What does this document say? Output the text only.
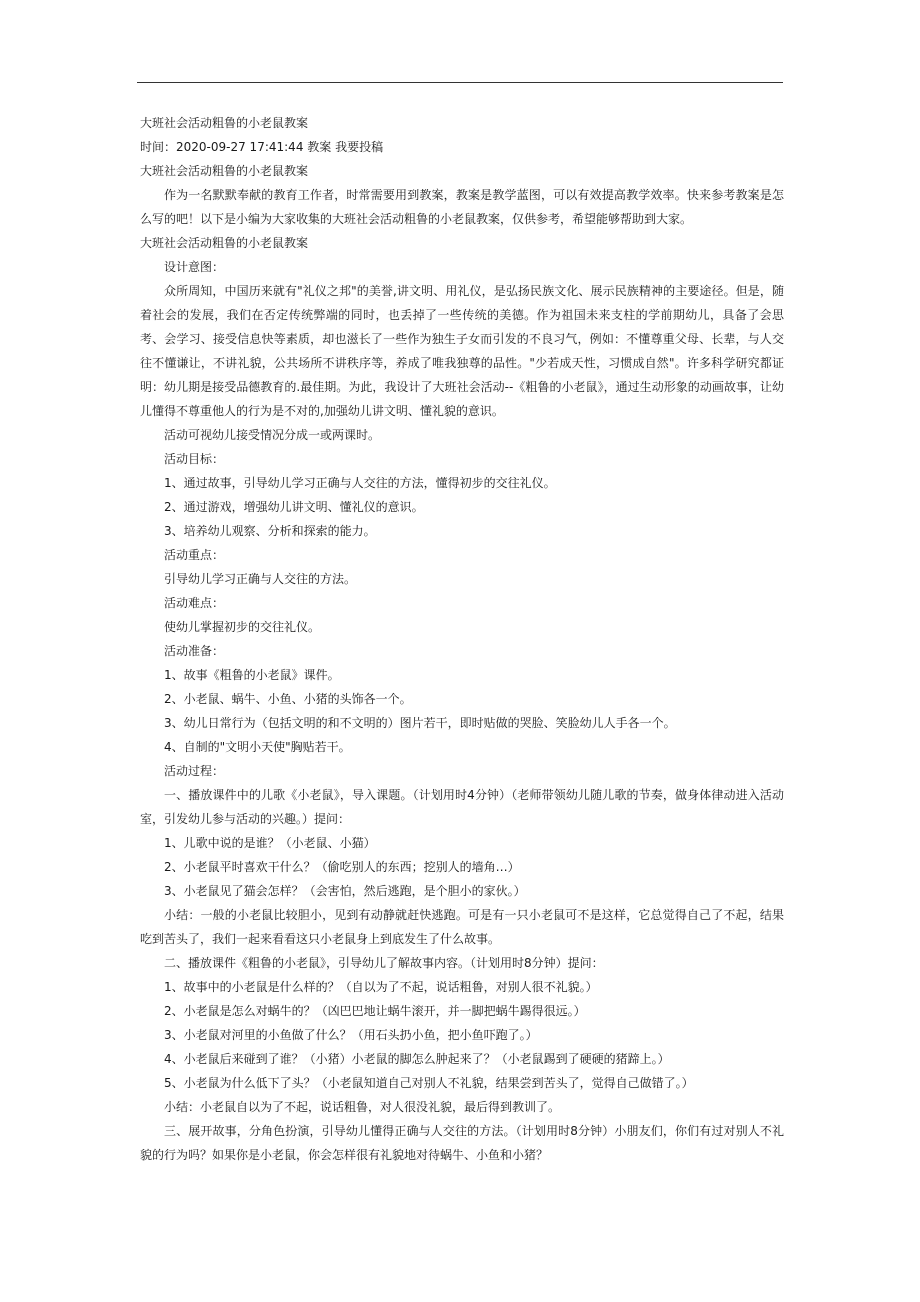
大班社会活动粗鲁的小老鼠教案

时间：2020-09-27 17:41:44 教案 我要投稿

大班社会活动粗鲁的小老鼠教案

作为一名默默奉献的教育工作者，时常需要用到教案，教案是教学蓝图，可以有效提高教学效率。快来参考教案是怎么写的吧！以下是小编为大家收集的大班社会活动粗鲁的小老鼠教案，仅供参考，希望能够帮助到大家。

大班社会活动粗鲁的小老鼠教案

设计意图：

众所周知，中国历来就有"礼仪之邦"的美誉,讲文明、用礼仪，是弘扬民族文化、展示民族精神的主要途径。但是，随着社会的发展，我们在否定传统弊端的同时，也丢掉了一些传统的美德。作为祖国未来支柱的学前期幼儿，具备了会思考、会学习、接受信息快等素质，却也滋长了一些作为独生子女而引发的不良习气，例如：不懂尊重父母、长辈，与人交往不懂谦让，不讲礼貌，公共场所不讲秩序等，养成了唯我独尊的品性。"少若成天性，习惯成自然"。许多科学研究都证明：幼儿期是接受品德教育的.最佳期。为此，我设计了大班社会活动--《粗鲁的小老鼠》，通过生动形象的动画故事，让幼儿懂得不尊重他人的行为是不对的,加强幼儿讲文明、懂礼貌的意识。

活动可视幼儿接受情况分成一或两课时。

活动目标：

1、通过故事，引导幼儿学习正确与人交往的方法，懂得初步的交往礼仪。

2、通过游戏，增强幼儿讲文明、懂礼仪的意识。

3、培养幼儿观察、分析和探索的能力。

活动重点：

引导幼儿学习正确与人交往的方法。

活动难点：

使幼儿掌握初步的交往礼仪。

活动准备：

1、故事《粗鲁的小老鼠》课件。

2、小老鼠、蜗牛、小鱼、小猪的头饰各一个。

3、幼儿日常行为（包括文明的和不文明的）图片若干，即时贴做的哭脸、笑脸幼儿人手各一个。

4、自制的"文明小天使"胸贴若干。

活动过程：

一、播放课件中的儿歌《小老鼠》，导入课题。（计划用时4分钟）（老师带领幼儿随儿歌的节奏，做身体律动进入活动室，引发幼儿参与活动的兴趣。）提问：

1、儿歌中说的是谁？（小老鼠、小猫）

2、小老鼠平时喜欢干什么？（偷吃别人的东西；挖别人的墙角…）

3、小老鼠见了猫会怎样？（会害怕，然后逃跑，是个胆小的家伙。）

小结：一般的小老鼠比较胆小，见到有动静就赶快逃跑。可是有一只小老鼠可不是这样，它总觉得自己了不起，结果吃到苦头了，我们一起来看看这只小老鼠身上到底发生了什么故事。

二、播放课件《粗鲁的小老鼠》，引导幼儿了解故事内容。（计划用时8分钟）提问：

1、故事中的小老鼠是什么样的？（自以为了不起，说话粗鲁，对别人很不礼貌。）

2、小老鼠是怎么对蜗牛的？（凶巴巴地让蜗牛滚开，并一脚把蜗牛踢得很远。）

3、小老鼠对河里的小鱼做了什么？（用石头扔小鱼，把小鱼吓跑了。）

4、小老鼠后来碰到了谁？（小猪）小老鼠的脚怎么肿起来了？（小老鼠踢到了硬硬的猪蹄上。）

5、小老鼠为什么低下了头？（小老鼠知道自己对别人不礼貌，结果尝到苦头了，觉得自己做错了。）

小结：小老鼠自以为了不起，说话粗鲁，对人很没礼貌，最后得到教训了。

三、展开故事，分角色扮演，引导幼儿懂得正确与人交往的方法。（计划用时8分钟）小朋友们，你们有过对别人不礼貌的行为吗？如果你是小老鼠，你会怎样很有礼貌地对待蜗牛、小鱼和小猪？
